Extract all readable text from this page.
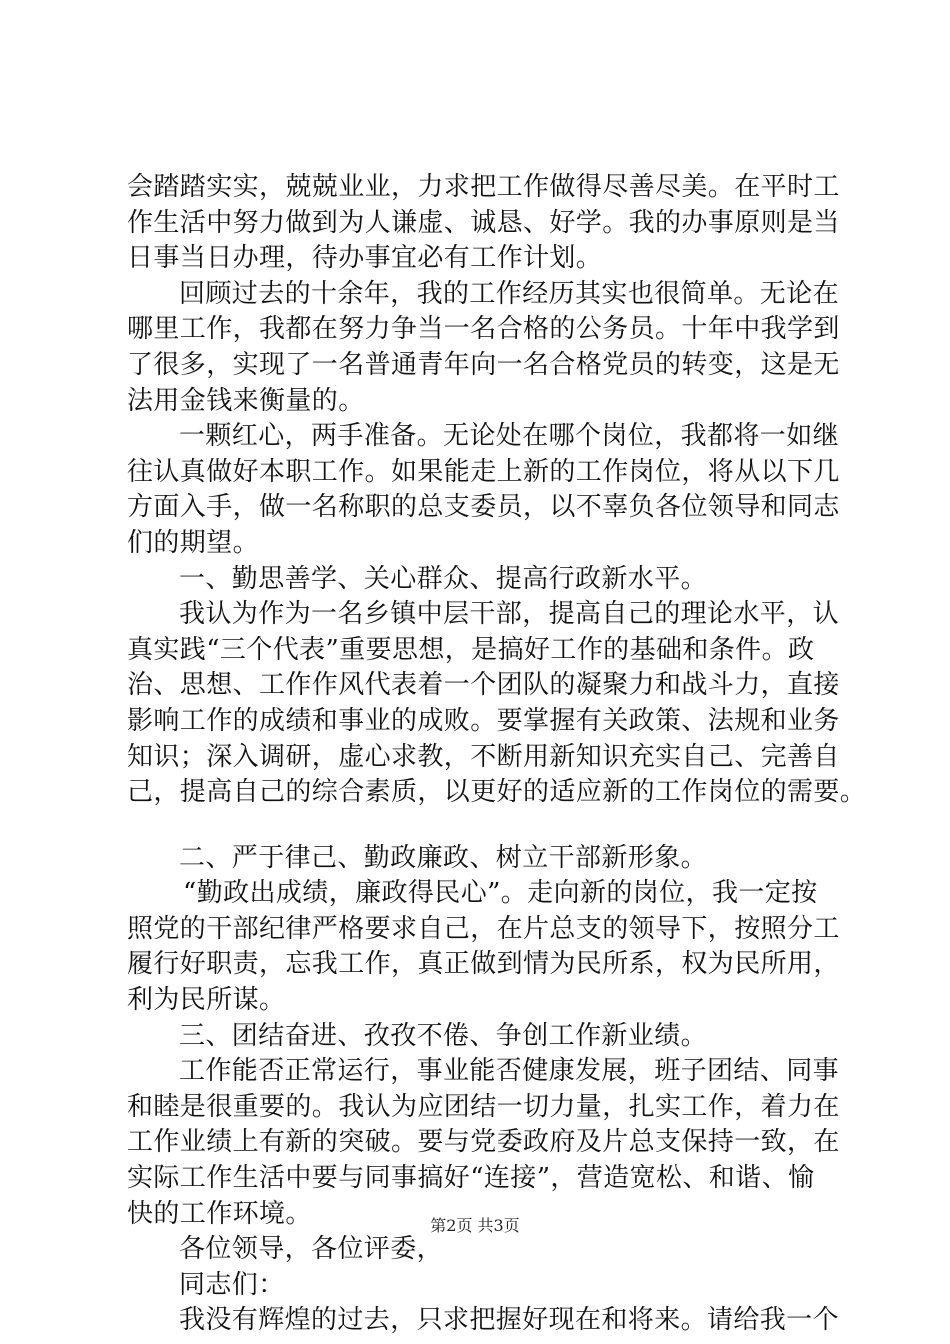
会踏踏实实，兢兢业业，力求把工作做得尽善尽美。在平时工
作生活中努力做到为人谦虚、诚恳、好学。我的办事原则是当
日事当日办理，待办事宜必有工作计划。
回顾过去的十余年，我的工作经历其实也很简单。无论在
哪里工作，我都在努力争当一名合格的公务员。十年中我学到
了很多，实现了一名普通青年向一名合格党员的转变，这是无
法用金钱来衡量的。
一颗红心，两手准备。无论处在哪个岗位，我都将一如继
往认真做好本职工作。如果能走上新的工作岗位，将从以下几
方面入手，做一名称职的总支委员，以不辜负各位领导和同志
们的期望。
一、勤思善学、关心群众、提高行政新水平。
我认为作为一名乡镇中层干部，提高自己的理论水平，认
真实践“三个代表”重要思想，是搞好工作的基础和条件。政
治、思想、工作作风代表着一个团队的凝聚力和战斗力，直接
影响工作的成绩和事业的成败。要掌握有关政策、法规和业务
知识；深入调研，虚心求教，不断用新知识充实自己、完善自
己，提高自己的综合素质，以更好的适应新的工作岗位的需要。
二、严于律己、勤政廉政、树立干部新形象。
“勤政出成绩，廉政得民心”。走向新的岗位，我一定按
照党的干部纪律严格要求自己，在片总支的领导下，按照分工
履行好职责，忘我工作，真正做到情为民所系，权为民所用，
利为民所谋。
三、团结奋进、孜孜不倦、争创工作新业绩。
工作能否正常运行，事业能否健康发展，班子团结、同事
和睦是很重要的。我认为应团结一切力量，扎实工作，着力在
工作业绩上有新的突破。要与党委政府及片总支保持一致，在
实际工作生活中要与同事搞好“连接”，营造宽松、和谐、愉
快的工作环境。
各位领导，各位评委，
同志们：
我没有辉煌的过去，只求把握好现在和将来。请给我一个
第2页 共3页
